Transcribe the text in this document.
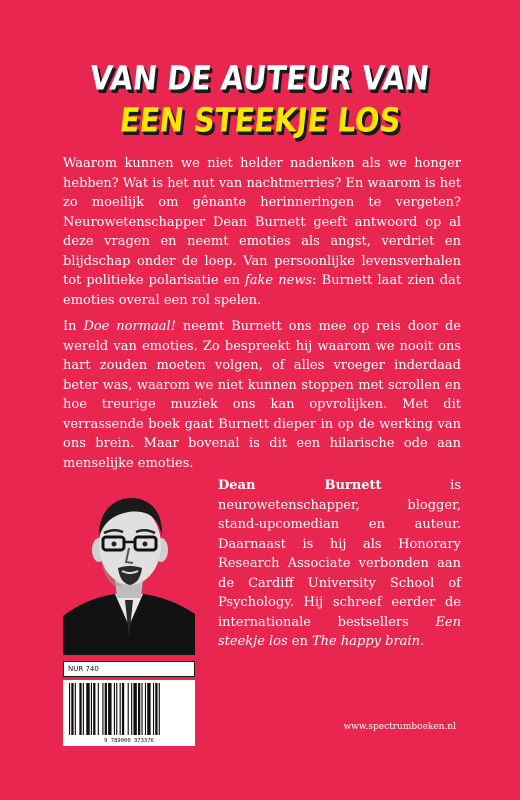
VAN DE AUTEUR VAN
EEN STEEKJE LOS

Waarom kunnen we niet helder nadenken als we honger hebben? Wat is het nut van nachtmerries? En waarom is het zo moeilijk om gênante herinneringen te vergeten? Neurowetenschapper Dean Burnett geeft antwoord op al deze vragen en neemt emoties als angst, verdriet en blijdschap onder de loep. Van persoonlijke levensverhalen tot politieke polarisatie en fake news: Burnett laat zien dat emoties overal een rol spelen.

In Doe normaal! neemt Burnett ons mee op reis door de wereld van emoties. Zo bespreekt hij waarom we nooit ons hart zouden moeten volgen, of alles vroeger inderdaad beter was, waarom we niet kunnen stoppen met scrollen en hoe treurige muziek ons kan opvrolijken. Met dit verrassende boek gaat Burnett dieper in op de werking van ons brein. Maar bovenal is dit een hilarische ode aan menselijke emoties.

Dean Burnett is neurowetenschapper, blogger, stand-upcomedian en auteur. Daarnaast is hij als Honorary Research Associate verbonden aan de Cardiff University School of Psychology. Hij schreef eerder de internationale bestsellers Een steekje los en The happy brain.

NUR 740
9 789000 373376
www.spectrumboeken.nl
